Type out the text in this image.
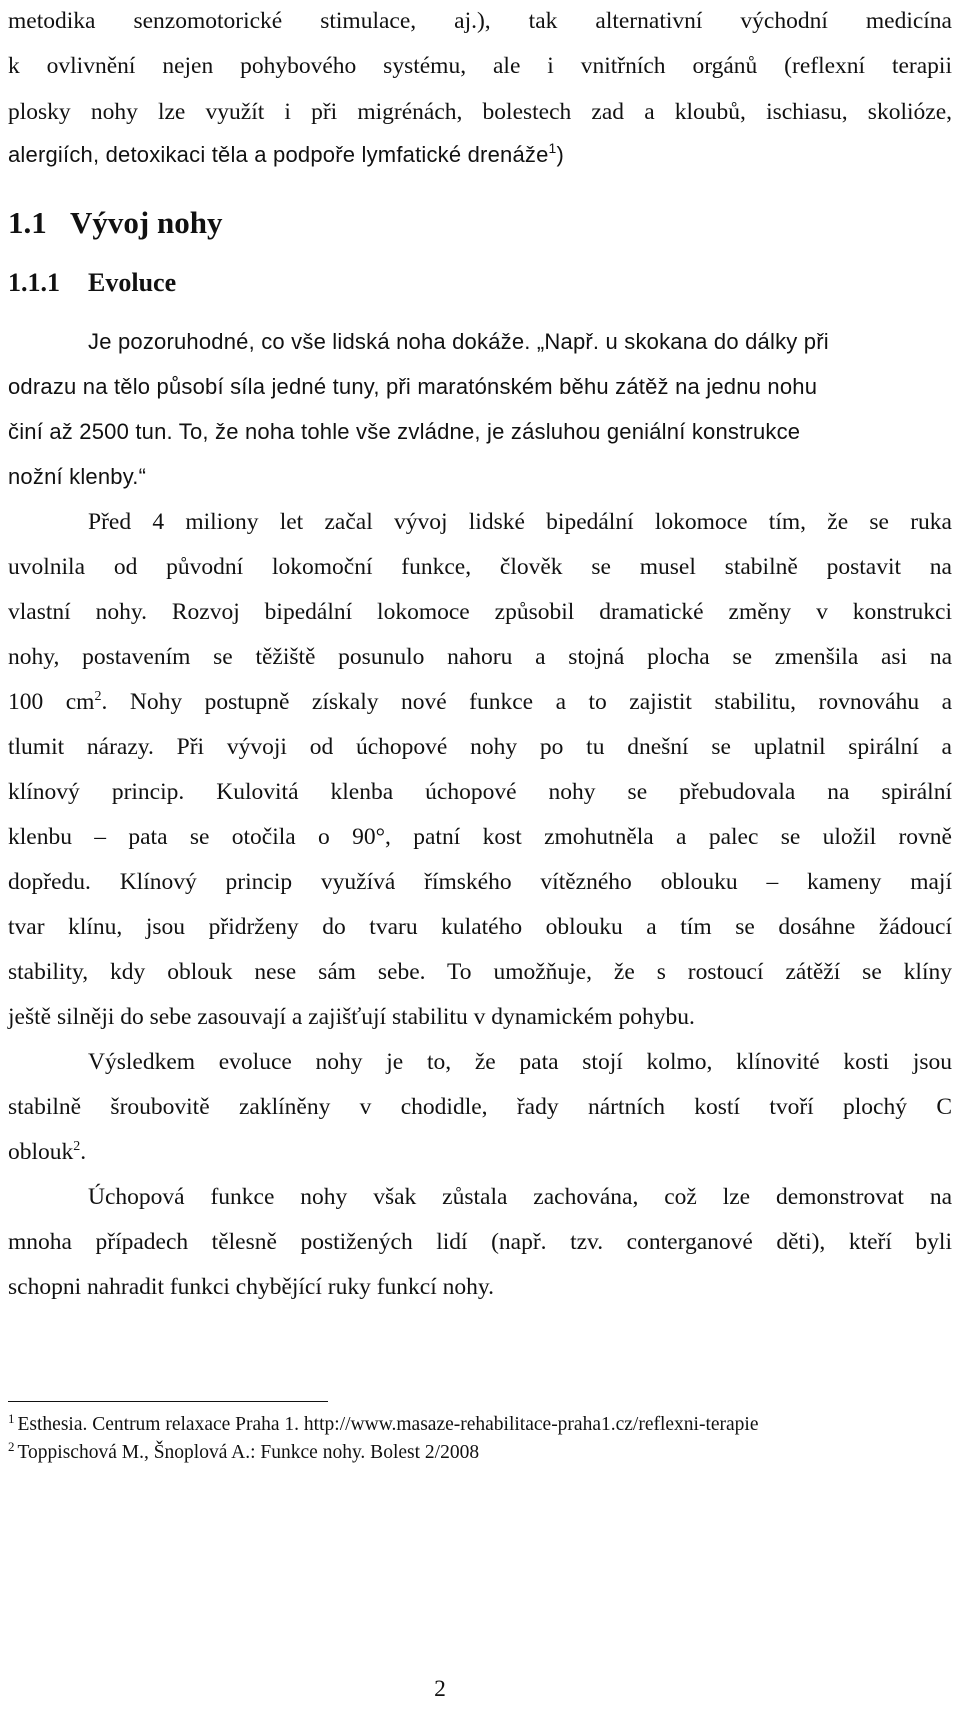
metodika senzomotorické stimulace, aj.), tak alternativní východní medicína
k ovlivnění nejen pohybového systému, ale i vnitřních orgánů (reflexní terapii
plosky nohy lze využít i při migrénách, bolestech zad a kloubů, ischiasu, skolióze,
alergiích, detoxikaci těla a podpoře lymfatické drenáže$^1$)
1.1 Vývoj nohy
1.1.1 Evoluce
Je pozoruhodné, co vše lidská noha dokáže. „Např. u skokana do dálky při
odrazu na tělo působí síla jedné tuny, při maratónském běhu zátěž na jednu nohu
činí až 2500 tun. To, že noha tohle vše zvládne, je zásluhou geniální konstrukce
nožní klenby.“
Před 4 miliony let začal vývoj lidské bipedální lokomoce tím, že se ruka
uvolnila od původní lokomoční funkce, člověk se musel stabilně postavit na
vlastní nohy. Rozvoj bipedální lokomoce způsobil dramatické změny v konstrukci
nohy, postavením se těžiště posunulo nahoru a stojná plocha se zmenšila asi na
100 $cm^2$. Nohy postupně získaly nové funkce a to zajistit stabilitu, rovnováhu a
tlumit nárazy. Při vývoji od úchopové nohy po tu dnešní se uplatnil spirální a
klínový princip. Kulovitá klenba úchopové nohy se přebudovala na spirální
klenbu – pata se otočila o 90°, patní kost zmohutněla a palec se uložil rovně
dopředu. Klínový princip využívá římského vítězného oblouku – kameny mají
tvar klínu, jsou přidrženy do tvaru kulatého oblouku a tím se dosáhne žádoucí
stability, kdy oblouk nese sám sebe. To umožňuje, že s rostoucí zátěží se klíny
ještě silněji do sebe zasouvají a zajišťují stabilitu v dynamickém pohybu.
Výsledkem evoluce nohy je to, že pata stojí kolmo, klínovité kosti jsou
stabilně šroubovitě zaklíněny v chodidle, řady nártních kostí tvoří plochý C
oblouk$^2$.
Úchopová funkce nohy však zůstala zachována, což lze demonstrovat na
mnoha případech tělesně postižených lidí (např. tzv. conterganové děti), kteří byli
schopni nahradit funkci chybějící ruky funkcí nohy.
$^1$ Esthesia. Centrum relaxace Praha 1. http://www.masaze-rehabilitace-praha1.cz/reflexni-terapie
$^2$ Toppischová M., Šnoplová A.: Funkce nohy. Bolest 2/2008
2
